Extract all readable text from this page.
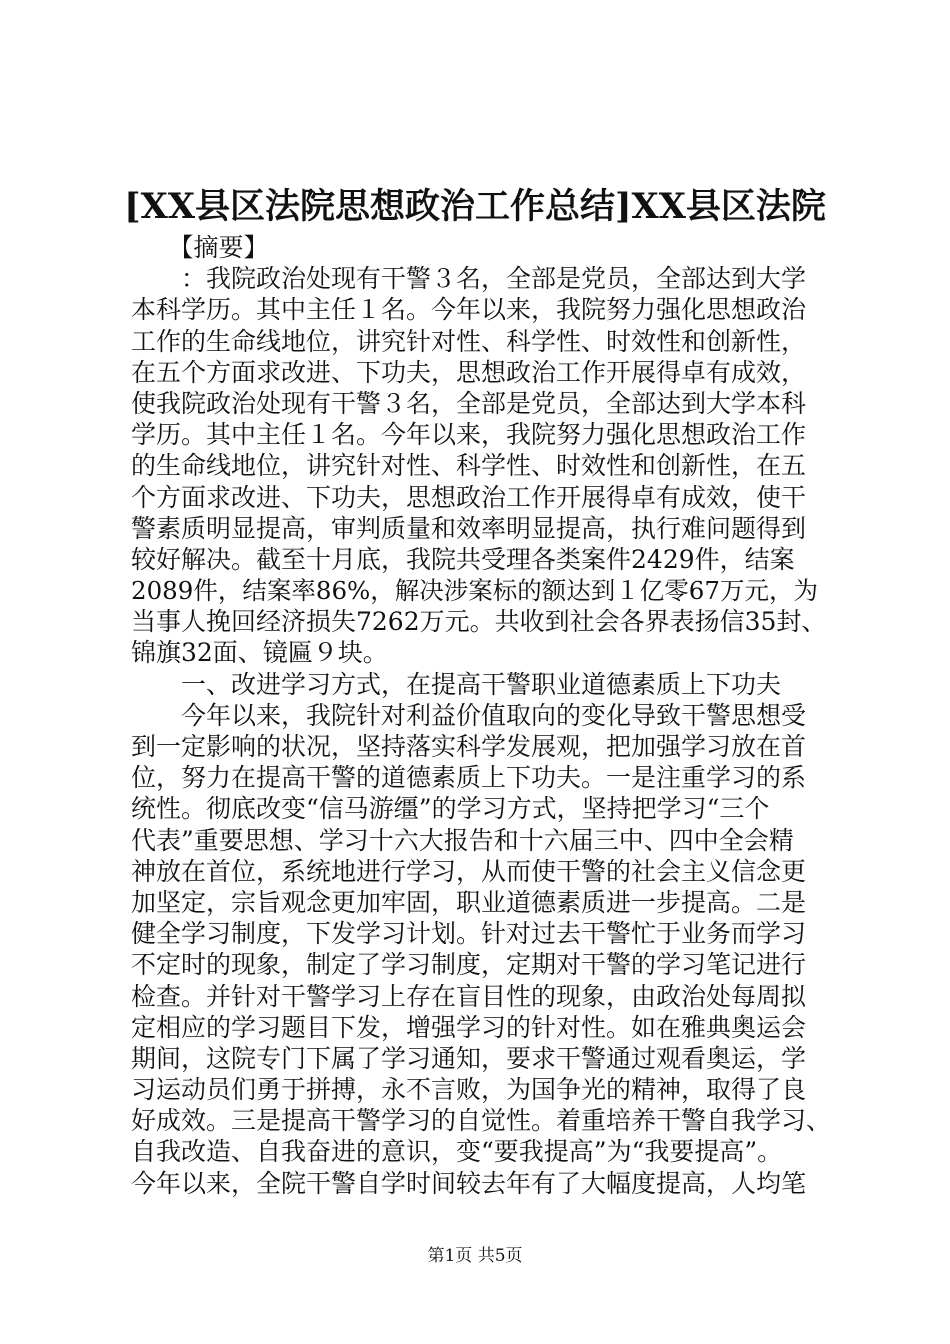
[XX县区法院思想政治工作总结]XX县区法院
　　【摘要】
　　：我院政治处现有干警３名，全部是党员，全部达到大学
本科学历。其中主任１名。今年以来，我院努力强化思想政治
工作的生命线地位，讲究针对性、科学性、时效性和创新性，
在五个方面求改进、下功夫，思想政治工作开展得卓有成效，
使我院政治处现有干警３名，全部是党员，全部达到大学本科
学历。其中主任１名。今年以来，我院努力强化思想政治工作
的生命线地位，讲究针对性、科学性、时效性和创新性，在五
个方面求改进、下功夫，思想政治工作开展得卓有成效，使干
警素质明显提高，审判质量和效率明显提高，执行难问题得到
较好解决。截至十月底，我院共受理各类案件2429件，结案
2089件，结案率86%，解决涉案标的额达到１亿零67万元，为
当事人挽回经济损失7262万元。共收到社会各界表扬信35封、
锦旗32面、镜匾９块。
　　一、改进学习方式，在提高干警职业道德素质上下功夫
　　今年以来，我院针对利益价值取向的变化导致干警思想受
到一定影响的状况，坚持落实科学发展观，把加强学习放在首
位，努力在提高干警的道德素质上下功夫。一是注重学习的系
统性。彻底改变“信马游缰”的学习方式，坚持把学习“三个
代表”重要思想、学习十六大报告和十六届三中、四中全会精
神放在首位，系统地进行学习，从而使干警的社会主义信念更
加坚定，宗旨观念更加牢固，职业道德素质进一步提高。二是
健全学习制度，下发学习计划。针对过去干警忙于业务而学习
不定时的现象，制定了学习制度，定期对干警的学习笔记进行
检查。并针对干警学习上存在盲目性的现象，由政治处每周拟
定相应的学习题目下发，增强学习的针对性。如在雅典奥运会
期间，这院专门下属了学习通知，要求干警通过观看奥运，学
习运动员们勇于拼搏，永不言败，为国争光的精神，取得了良
好成效。三是提高干警学习的自觉性。着重培养干警自我学习、
自我改造、自我奋进的意识，变“要我提高”为“我要提高”。
今年以来，全院干警自学时间较去年有了大幅度提高，人均笔
第1页 共5页
